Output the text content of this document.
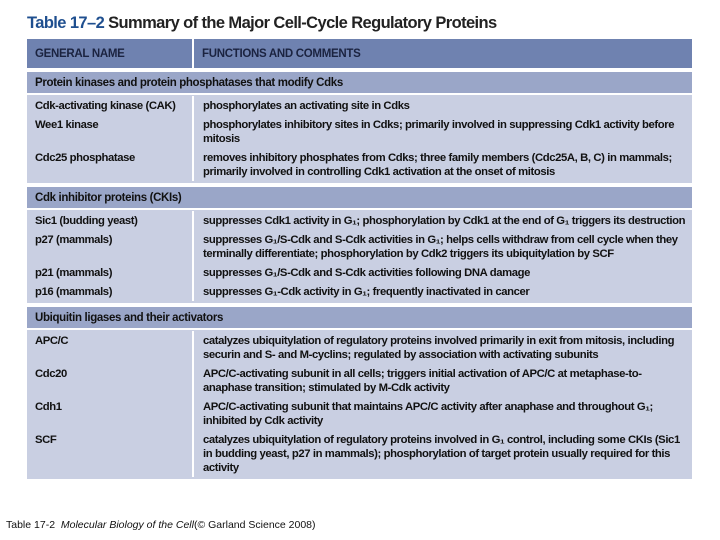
Table 17–2 Summary of the Major Cell-Cycle Regulatory Proteins
GENERAL NAME	FUNCTIONS AND COMMENTS
Protein kinases and protein phosphatases that modify Cdks
Cdk-activating kinase (CAK)	phosphorylates an activating site in Cdks
Wee1 kinase	phosphorylates inhibitory sites in Cdks; primarily involved in suppressing Cdk1 activity before mitosis
Cdc25 phosphatase	removes inhibitory phosphates from Cdks; three family members (Cdc25A, B, C) in mammals; primarily involved in controlling Cdk1 activation at the onset of mitosis
Cdk inhibitor proteins (CKIs)
Sic1 (budding yeast)	suppresses Cdk1 activity in G₁; phosphorylation by Cdk1 at the end of G₁ triggers its destruction
p27 (mammals)	suppresses G₁/S-Cdk and S-Cdk activities in G₁; helps cells withdraw from cell cycle when they terminally differentiate; phosphorylation by Cdk2 triggers its ubiquitylation by SCF
p21 (mammals)	suppresses G₁/S-Cdk and S-Cdk activities following DNA damage
p16 (mammals)	suppresses G₁-Cdk activity in G₁; frequently inactivated in cancer
Ubiquitin ligases and their activators
APC/C	catalyzes ubiquitylation of regulatory proteins involved primarily in exit from mitosis, including securin and S- and M-cyclins; regulated by association with activating subunits
Cdc20	APC/C-activating subunit in all cells; triggers initial activation of APC/C at metaphase-to-anaphase transition; stimulated by M-Cdk activity
Cdh1	APC/C-activating subunit that maintains APC/C activity after anaphase and throughout G₁; inhibited by Cdk activity
SCF	catalyzes ubiquitylation of regulatory proteins involved in G₁ control, including some CKIs (Sic1 in budding yeast, p27 in mammals); phosphorylation of target protein usually required for this activity
Table 17-2 Molecular Biology of the Cell(© Garland Science 2008)
